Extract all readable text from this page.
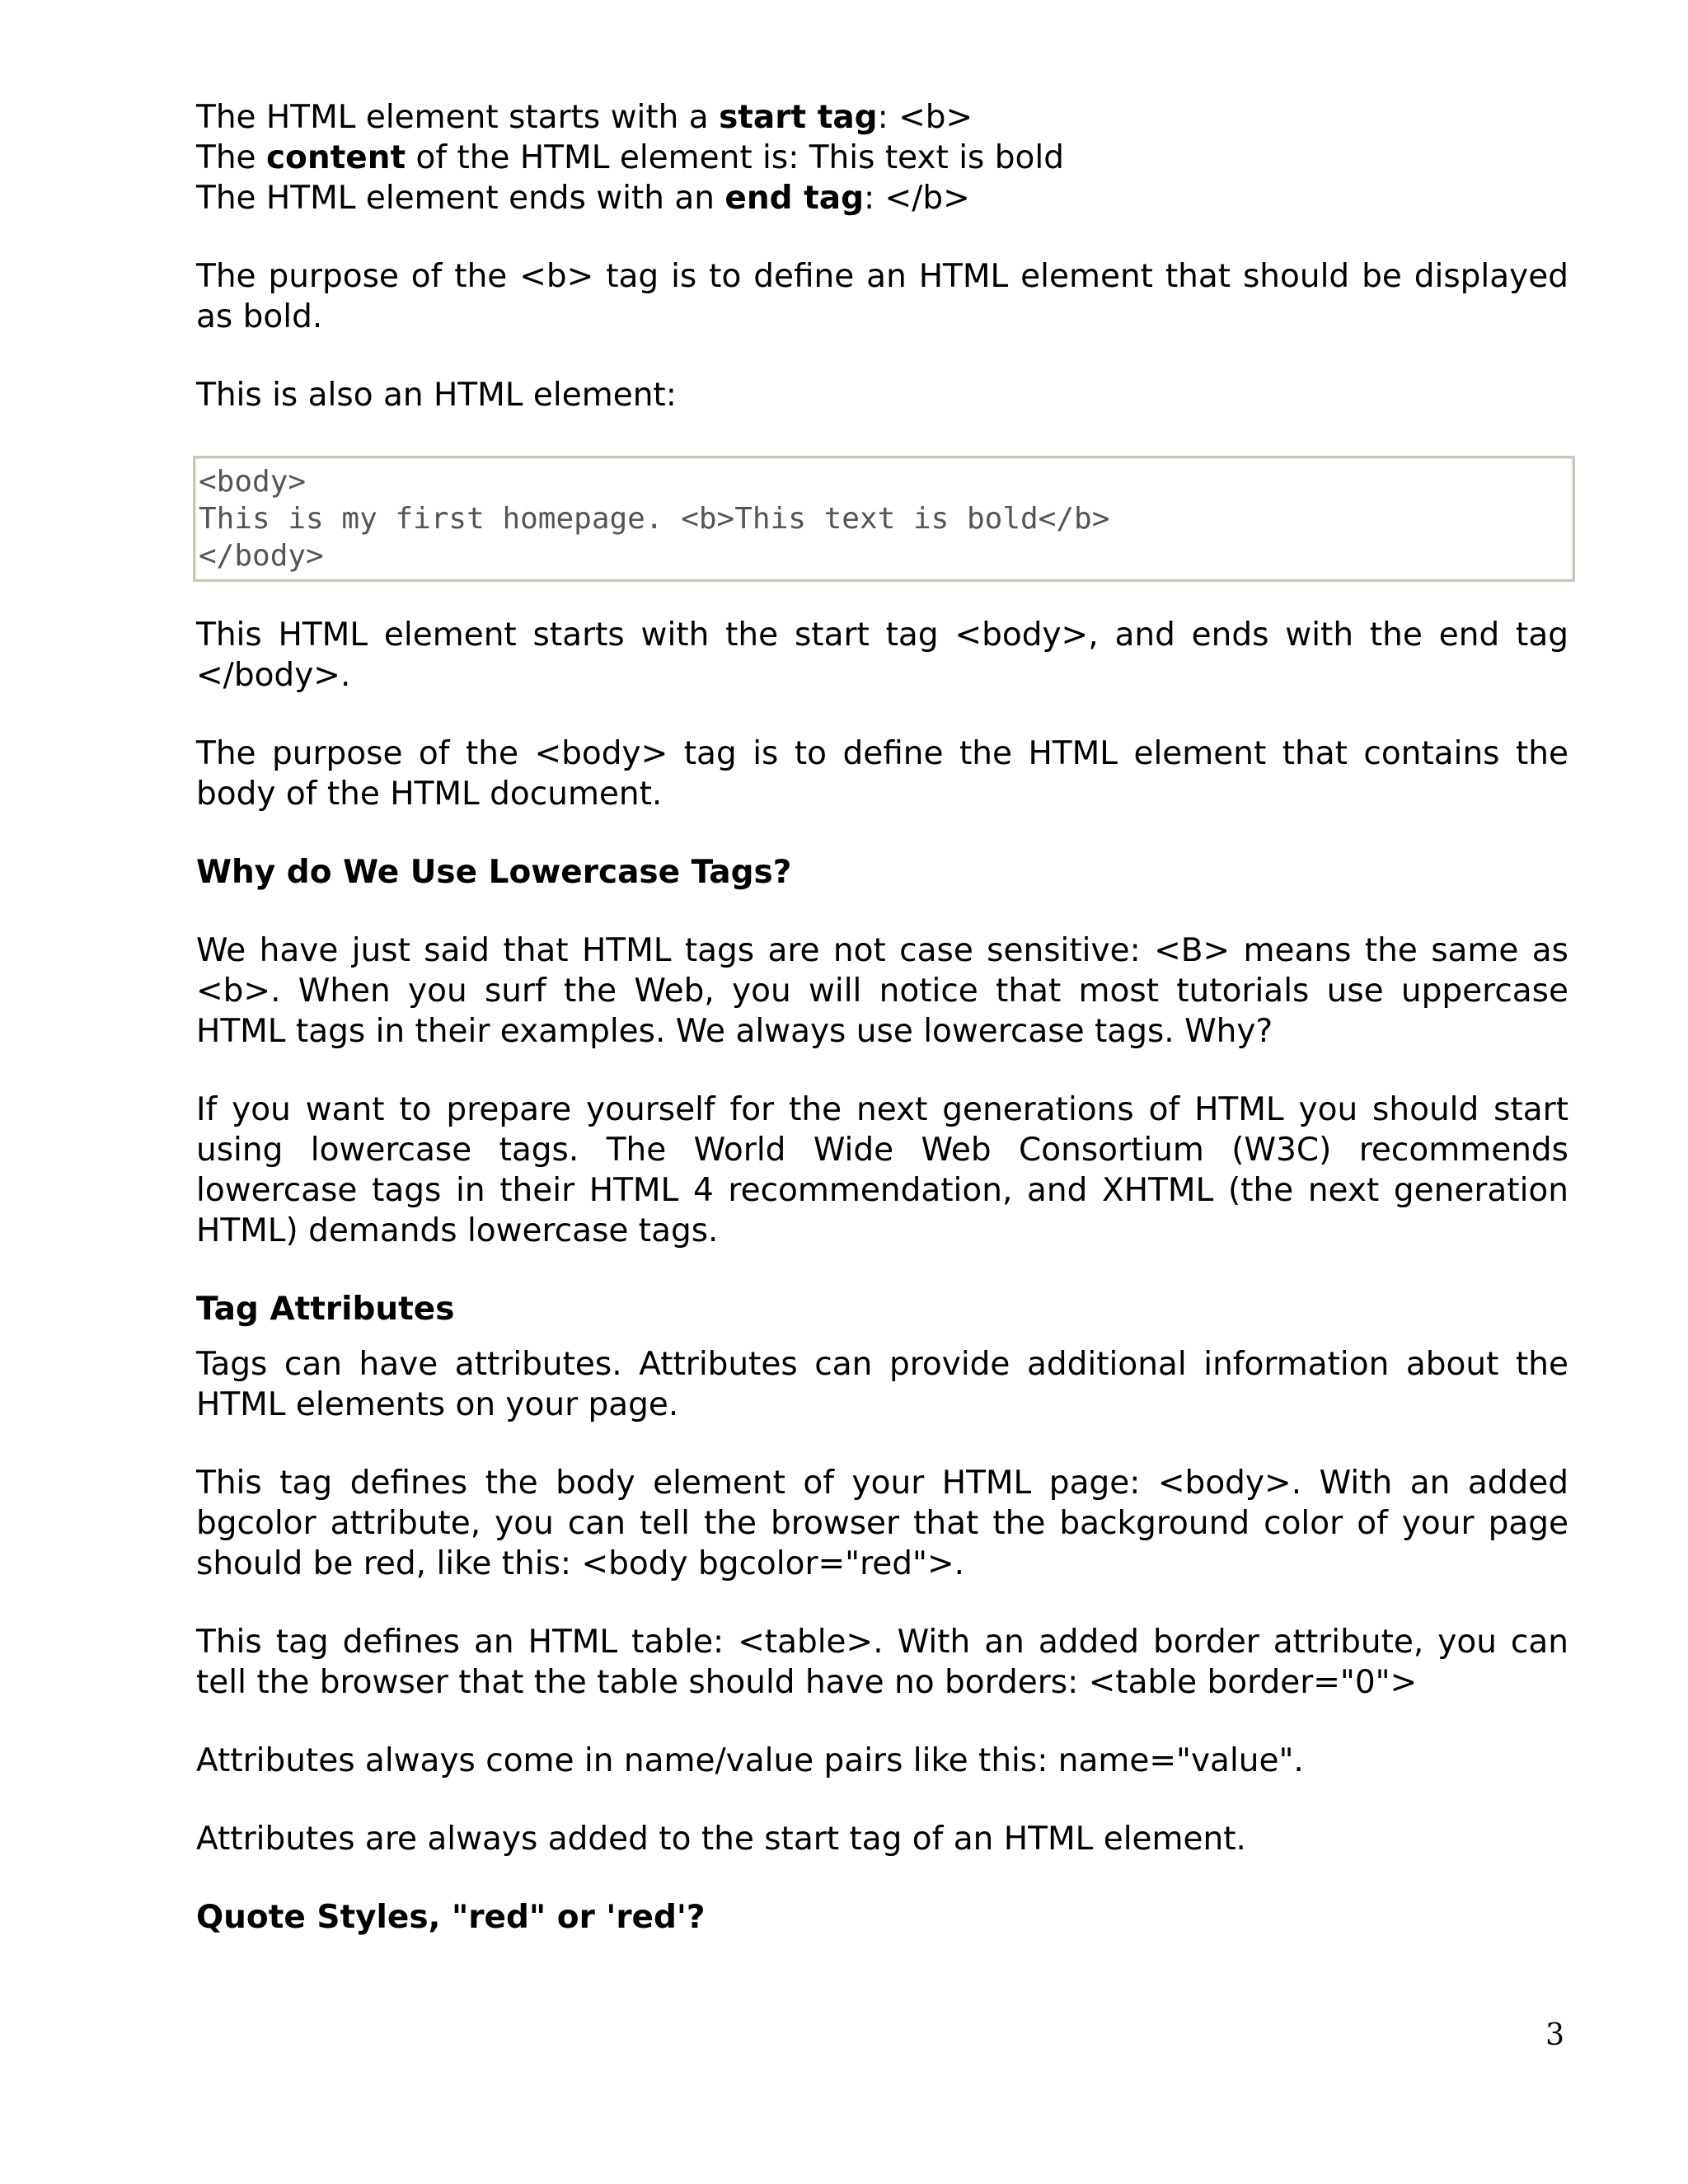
The HTML element starts with a start tag: <b>
The content of the HTML element is: This text is bold
The HTML element ends with an end tag: </b>

The purpose of the <b> tag is to define an HTML element that should be displayed as bold.

This is also an HTML element:

<body>
This is my first homepage. <b>This text is bold</b>
</body>

This HTML element starts with the start tag <body>, and ends with the end tag </body>.

The purpose of the <body> tag is to define the HTML element that contains the body of the HTML document.

Why do We Use Lowercase Tags?

We have just said that HTML tags are not case sensitive: <B> means the same as <b>. When you surf the Web, you will notice that most tutorials use uppercase HTML tags in their examples. We always use lowercase tags. Why?

If you want to prepare yourself for the next generations of HTML you should start using lowercase tags. The World Wide Web Consortium (W3C) recommends lowercase tags in their HTML 4 recommendation, and XHTML (the next generation HTML) demands lowercase tags.

Tag Attributes

Tags can have attributes. Attributes can provide additional information about the HTML elements on your page.

This tag defines the body element of your HTML page: <body>. With an added bgcolor attribute, you can tell the browser that the background color of your page should be red, like this: <body bgcolor="red">.

This tag defines an HTML table: <table>. With an added border attribute, you can tell the browser that the table should have no borders: <table border="0">

Attributes always come in name/value pairs like this: name="value".

Attributes are always added to the start tag of an HTML element.

Quote Styles, "red" or 'red'?
3
